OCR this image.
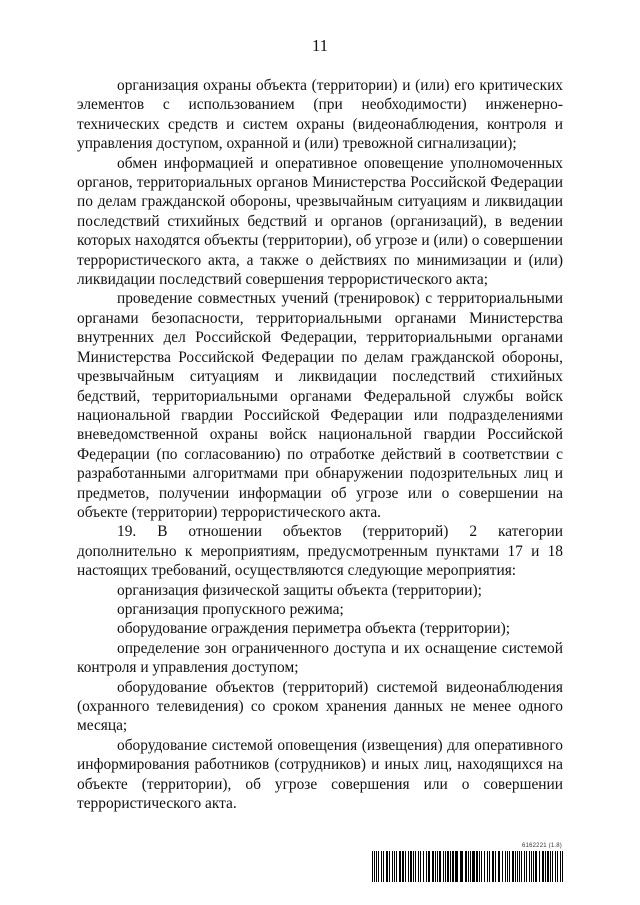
11

организация охраны объекта (территории) и (или) его критических элементов с использованием (при необходимости) инженерно-технических средств и систем охраны (видеонаблюдения, контроля и управления доступом, охранной и (или) тревожной сигнализации);

обмен информацией и оперативное оповещение уполномоченных органов, территориальных органов Министерства Российской Федерации по делам гражданской обороны, чрезвычайным ситуациям и ликвидации последствий стихийных бедствий и органов (организаций), в ведении которых находятся объекты (территории), об угрозе и (или) о совершении террористического акта, а также о действиях по минимизации и (или) ликвидации последствий совершения террористического акта;

проведение совместных учений (тренировок) с территориальными органами безопасности, территориальными органами Министерства внутренних дел Российской Федерации, территориальными органами Министерства Российской Федерации по делам гражданской обороны, чрезвычайным ситуациям и ликвидации последствий стихийных бедствий, территориальными органами Федеральной службы войск национальной гвардии Российской Федерации или подразделениями вневедомственной охраны войск национальной гвардии Российской Федерации (по согласованию) по отработке действий в соответствии с разработанными алгоритмами при обнаружении подозрительных лиц и предметов, получении информации об угрозе или о совершении на объекте (территории) террористического акта.

19. В отношении объектов (территорий) 2 категории дополнительно к мероприятиям, предусмотренным пунктами 17 и 18 настоящих требований, осуществляются следующие мероприятия:

организация физической защиты объекта (территории);

организация пропускного режима;

оборудование ограждения периметра объекта (территории);

определение зон ограниченного доступа и их оснащение системой контроля и управления доступом;

оборудование объектов (территорий) системой видеонаблюдения (охранного телевидения) со сроком хранения данных не менее одного месяца;

оборудование системой оповещения (извещения) для оперативного информирования работников (сотрудников) и иных лиц, находящихся на объекте (территории), об угрозе совершения или о совершении террористического акта.

6162221 (1.8)
